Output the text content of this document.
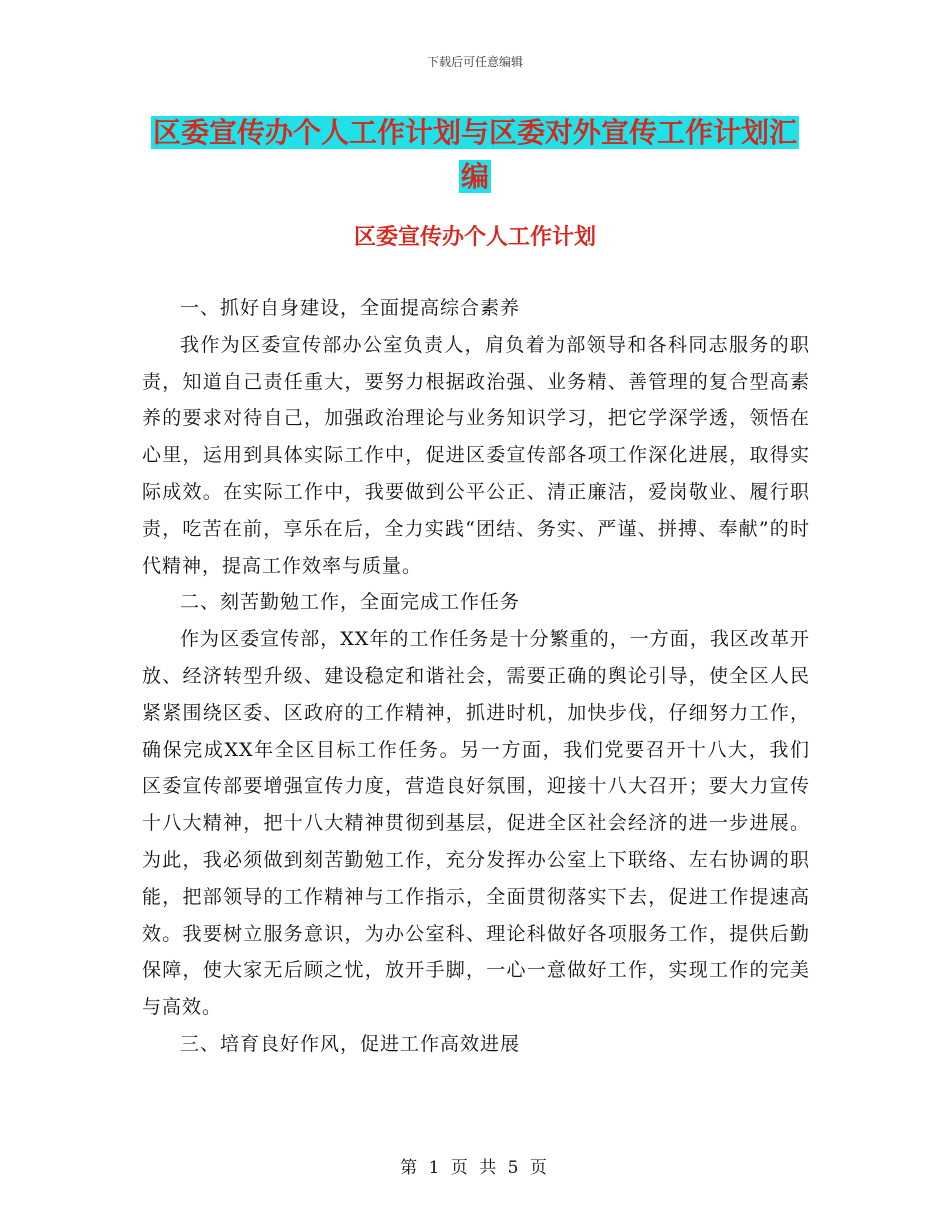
下载后可任意编辑
区委宣传办个人工作计划与区委对外宣传工作计划汇编
区委宣传办个人工作计划

一、抓好自身建设，全面提高综合素养

我作为区委宣传部办公室负责人，肩负着为部领导和各科同志服务的职责，知道自己责任重大，要努力根据政治强、业务精、善管理的复合型高素养的要求对待自己，加强政治理论与业务知识学习，把它学深学透，领悟在心里，运用到具体实际工作中，促进区委宣传部各项工作深化进展，取得实际成效。在实际工作中，我要做到公平公正、清正廉洁，爱岗敬业、履行职责，吃苦在前，享乐在后，全力实践“团结、务实、严谨、拼搏、奉献”的时代精神，提高工作效率与质量。

二、刻苦勤勉工作，全面完成工作任务

作为区委宣传部，XX年的工作任务是十分繁重的，一方面，我区改革开放、经济转型升级、建设稳定和谐社会，需要正确的舆论引导，使全区人民紧紧围绕区委、区政府的工作精神，抓进时机，加快步伐，仔细努力工作，确保完成XX年全区目标工作任务。另一方面，我们党要召开十八大，我们区委宣传部要增强宣传力度，营造良好氛围，迎接十八大召开；要大力宣传十八大精神，把十八大精神贯彻到基层，促进全区社会经济的进一步进展。为此，我必须做到刻苦勤勉工作，充分发挥办公室上下联络、左右协调的职能，把部领导的工作精神与工作指示，全面贯彻落实下去，促进工作提速高效。我要树立服务意识，为办公室科、理论科做好各项服务工作，提供后勤保障，使大家无后顾之忧，放开手脚，一心一意做好工作，实现工作的完美与高效。

三、培育良好作风，促进工作高效进展

第 1 页 共 5 页
